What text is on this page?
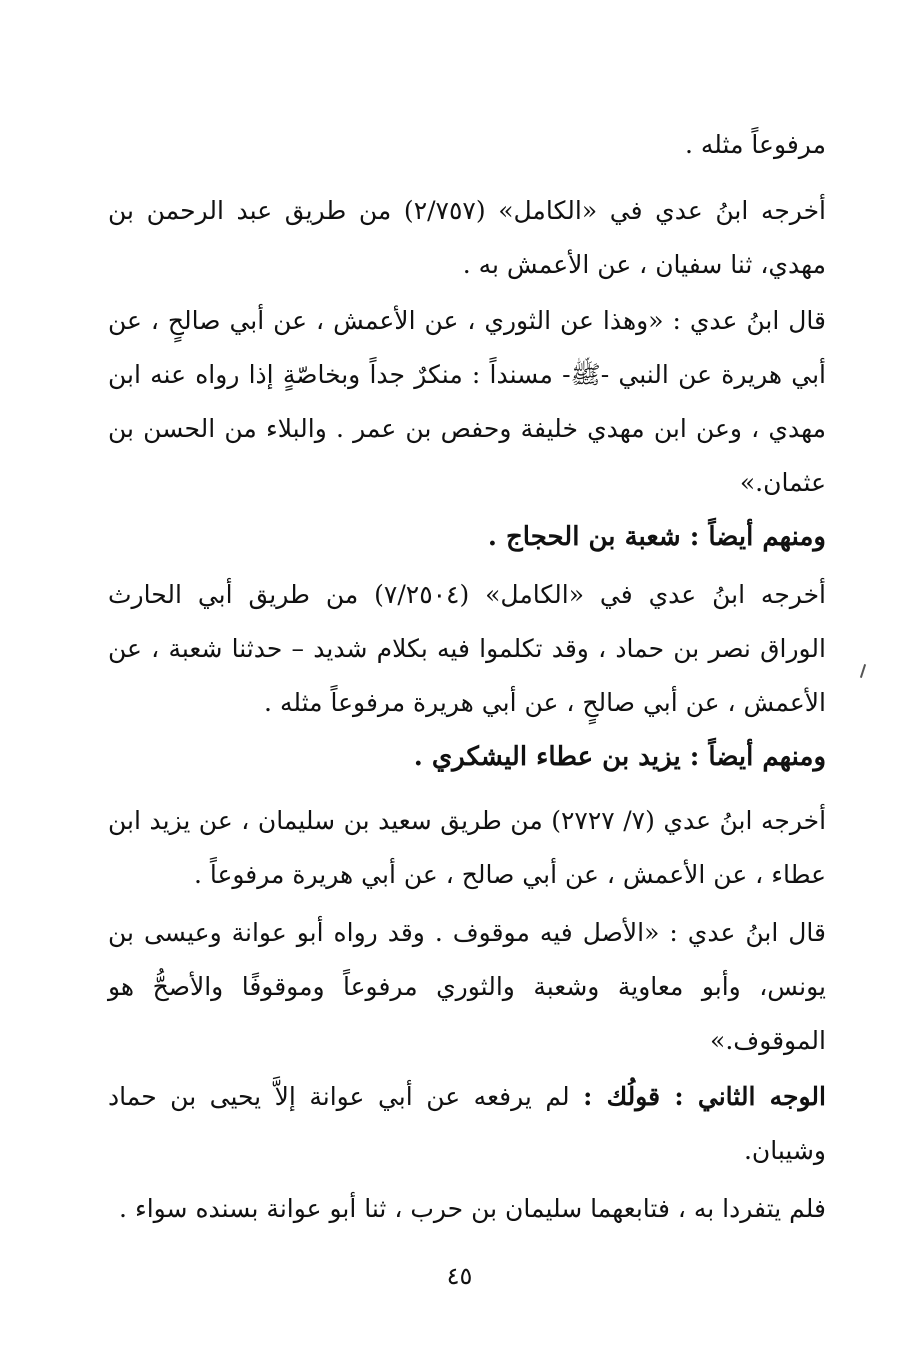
مرفوعاً مثله .

أخرجه ابنُ عدي في «الكامل» (٢/٧٥٧) من طريق عبد الرحمن بن مهدي، ثنا سفيان ، عن الأعمش به .

قال ابنُ عدي : «وهذا عن الثوري ، عن الأعمش ، عن أبي صالحٍ ، عن أبي هريرة عن النبي -ﷺ- مسنداً : منكرٌ جداً وبخاصّةٍ إذا رواه عنه ابن مهدي ، وعن ابن مهدي خليفة وحفص بن عمر . والبلاء من الحسن بن عثمان.»

ومنهم أيضاً : شعبة بن الحجاج .

أخرجه ابنُ عدي في «الكامل» (٧/٢٥٠٤) من طريق أبي الحارث الوراق نصر بن حماد ، وقد تكلموا فيه بكلام شديد – حدثنا شعبة ، عن الأعمش ، عن أبي صالحٍ ، عن أبي هريرة مرفوعاً مثله .

ومنهم أيضاً : يزيد بن عطاء اليشكري .

أخرجه ابنُ عدي (٧/ ٢٧٢٧) من طريق سعيد بن سليمان ، عن يزيد ابن عطاء ، عن الأعمش ، عن أبي صالح ، عن أبي هريرة مرفوعاً .

قال ابنُ عدي : «الأصل فيه موقوف . وقد رواه أبو عوانة وعيسى بن يونس، وأبو معاوية وشعبة والثوري مرفوعاً وموقوفًا والأصحُّ هو الموقوف.»

الوجه الثاني : قولُك : لم يرفعه عن أبي عوانة إلاَّ يحيى بن حماد وشيبان.

فلم يتفردا به ، فتابعهما سليمان بن حرب ، ثنا أبو عوانة بسنده سواء .

٤٥
